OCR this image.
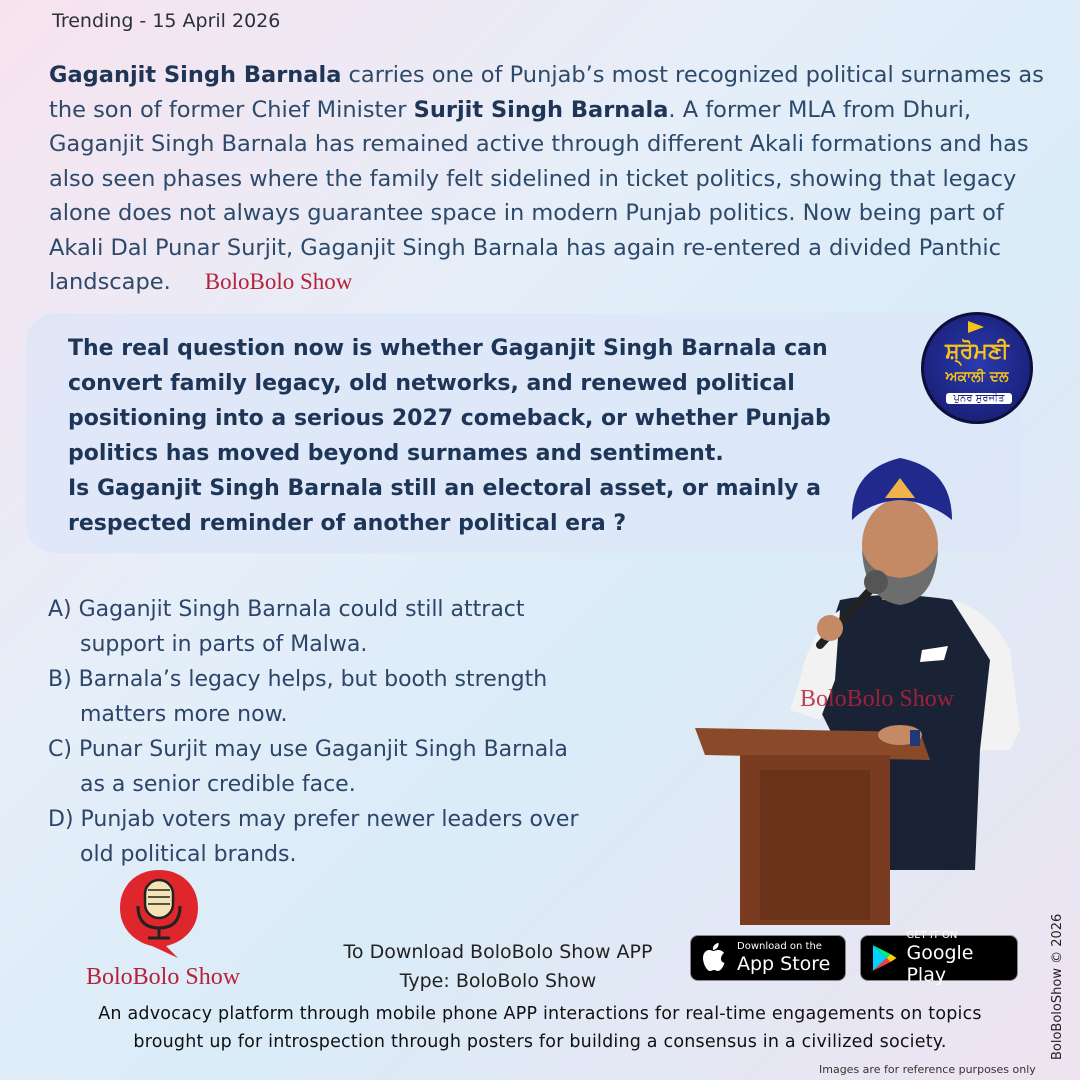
Trending - 15 April 2026
Gaganjit Singh Barnala carries one of Punjab’s most recognized political surnames as the son of former Chief Minister Surjit Singh Barnala. A former MLA from Dhuri, Gaganjit Singh Barnala has remained active through different Akali formations and has also seen phases where the family felt sidelined in ticket politics, showing that legacy alone does not always guarantee space in modern Punjab politics. Now being part of Akali Dal Punar Surjit, Gaganjit Singh Barnala has again re-entered a divided Panthic landscape. BoloBolo Show
The real question now is whether Gaganjit Singh Barnala can convert family legacy, old networks, and renewed political positioning into a serious 2027 comeback, or whether Punjab politics has moved beyond surnames and sentiment.
Is Gaganjit Singh Barnala still an electoral asset, or mainly a respected reminder of another political era ?
ਸ਼੍ਰੋਮਣੀ
ਅਕਾਲੀ ਦਲ
ਪੁਨਰ ਸੁਰਜੀਤ
A) Gaganjit Singh Barnala could still attract
support in parts of Malwa.
B) Barnala’s legacy helps, but booth strength
matters more now.
C) Punar Surjit may use Gaganjit Singh Barnala
as a senior credible face.
D) Punjab voters may prefer newer leaders over
old political brands.
BoloBolo Show
BoloBolo Show
To Download BoloBolo Show APP
Type: BoloBolo Show
Download on the
App Store
GET IT ON
Google Play
An advocacy platform through mobile phone APP interactions for real-time engagements on topics
brought up for introspection through posters for building a consensus in a civilized society.	BoloBoloShow © 2026
Images are for reference purposes only
